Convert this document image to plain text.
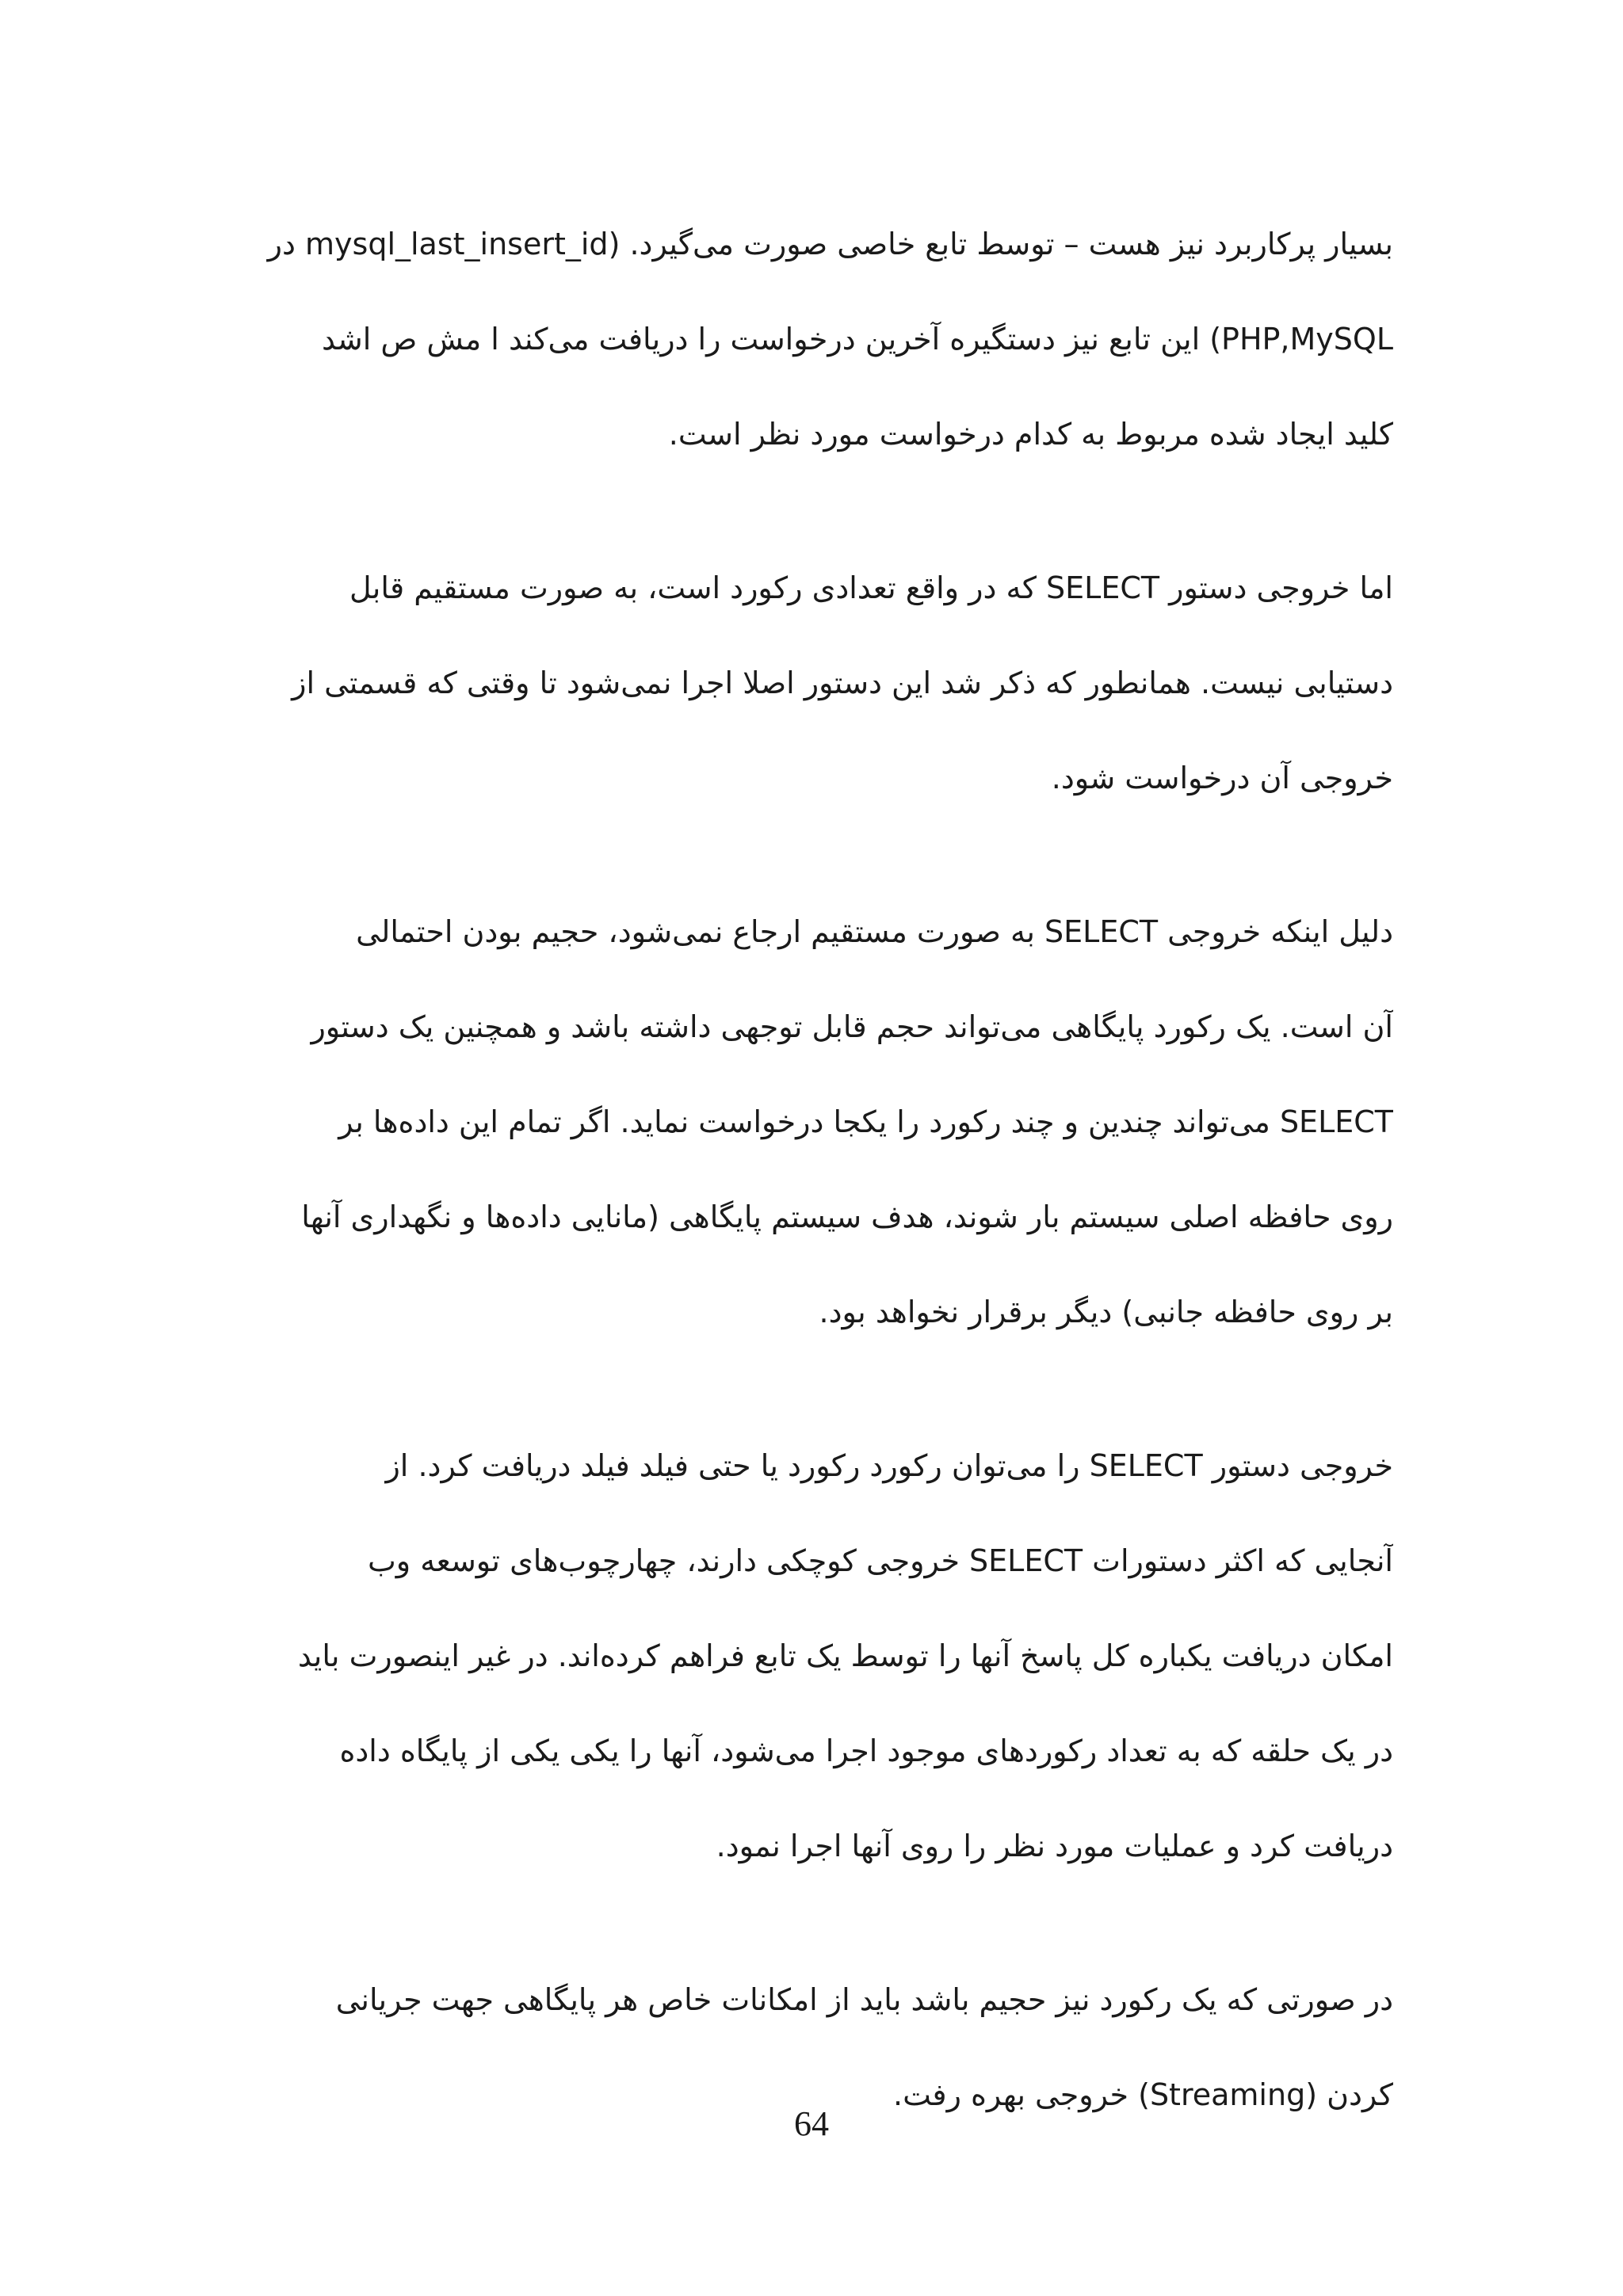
بسیار پرکاربرد نیز هست – توسط تابع خاصی صورت می‌گیرد. (mysql_last_insert_id در
PHP,MySQL) این تابع نیز دستگیره آخرین درخواست را دریافت می‌کند ا مش ص اشد
کلید ایجاد شده مربوط به کدام درخواست مورد نظر است.
اما خروجی دستور SELECT که در واقع تعدادی رکورد است، به صورت مستقیم قابل
دستیابی نیست. همانطور که ذکر شد این دستور اصلا اجرا نمی‌شود تا وقتی که قسمتی از
خروجی آن درخواست شود.
دلیل اینکه خروجی SELECT به صورت مستقیم ارجاع نمی‌شود، حجیم بودن احتمالی
آن است. یک رکورد پایگاهی می‌تواند حجم قابل توجهی داشته باشد و همچنین یک دستور
SELECT می‌تواند چندین و چند رکورد را یکجا درخواست نماید. اگر تمام این داده‌ها بر
روی حافظه اصلی سیستم بار شوند، هدف سیستم پایگاهی (مانایی داده‌ها و نگهداری آنها
بر روی حافظه جانبی) دیگر برقرار نخواهد بود.
خروجی دستور SELECT را می‌توان رکورد رکورد یا حتی فیلد فیلد دریافت کرد. از
آنجایی که اکثر دستورات SELECT خروجی کوچکی دارند، چهارچوب‌های توسعه وب
امکان دریافت یکباره کل پاسخ آنها را توسط یک تابع فراهم کرده‌اند. در غیر اینصورت باید
در یک حلقه که به تعداد رکوردهای موجود اجرا می‌شود، آنها را یکی یکی از پایگاه داده
دریافت کرد و عملیات مورد نظر را روی آنها اجرا نمود.
در صورتی که یک رکورد نیز حجیم باشد باید از امکانات خاص هر پایگاهی جهت جریانی
کردن (Streaming) خروجی بهره رفت.
64
